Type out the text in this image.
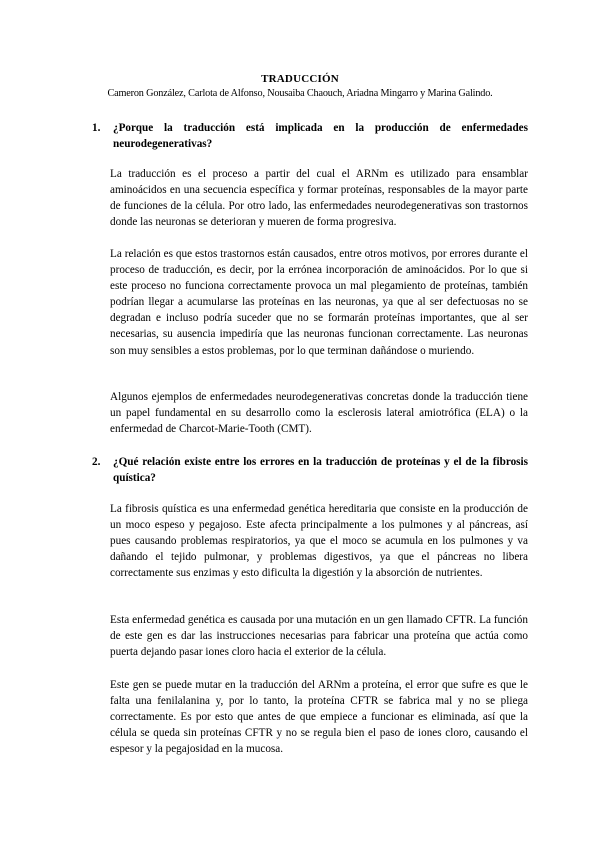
TRADUCCIÓN
Cameron González, Carlota de Alfonso, Nousaiba Chaouch, Ariadna Mingarro y Marina Galindo.
1. ¿Porque la traducción está implicada en la producción de enfermedades neurodegenerativas?
La traducción es el proceso a partir del cual el ARNm es utilizado para ensamblar aminoácidos en una secuencia específica y formar proteínas, responsables de la mayor parte de funciones de la célula. Por otro lado, las enfermedades neurodegenerativas son trastornos donde las neuronas se deterioran y mueren de forma progresiva.
La relación es que estos trastornos están causados, entre otros motivos, por errores durante el proceso de traducción, es decir, por la errónea incorporación de aminoácidos. Por lo que si este proceso no funciona correctamente provoca un mal plegamiento de proteínas, también podrían llegar a acumularse las proteínas en las neuronas, ya que al ser defectuosas no se degradan e incluso podría suceder que no se formarán proteínas importantes, que al ser necesarias, su ausencia impediría que las neuronas funcionan correctamente. Las neuronas son muy sensibles a estos problemas, por lo que terminan dañándose o muriendo.
Algunos ejemplos de enfermedades neurodegenerativas concretas donde la traducción tiene un papel fundamental en su desarrollo como la esclerosis lateral amiotrófica (ELA) o la enfermedad de Charcot-Marie-Tooth (CMT).
2. ¿Qué relación existe entre los errores en la traducción de proteínas y el de la fibrosis quística?
La fibrosis quística es una enfermedad genética hereditaria que consiste en la producción de un moco espeso y pegajoso. Este afecta principalmente a los pulmones y al páncreas, así pues causando problemas respiratorios, ya que el moco se acumula en los pulmones y va dañando el tejido pulmonar, y problemas digestivos, ya que el páncreas no libera correctamente sus enzimas y esto dificulta la digestión y la absorción de nutrientes.
Esta enfermedad genética es causada por una mutación en un gen llamado CFTR. La función de este gen es dar las instrucciones necesarias para fabricar una proteína que actúa como puerta dejando pasar iones cloro hacia el exterior de la célula.
Este gen se puede mutar en la traducción del ARNm a proteína, el error que sufre es que le falta una fenilalanina y, por lo tanto, la proteína CFTR se fabrica mal y no se pliega correctamente. Es por esto que antes de que empiece a funcionar es eliminada, así que la célula se queda sin proteínas CFTR y no se regula bien el paso de iones cloro, causando el espesor y la pegajosidad en la mucosa.
